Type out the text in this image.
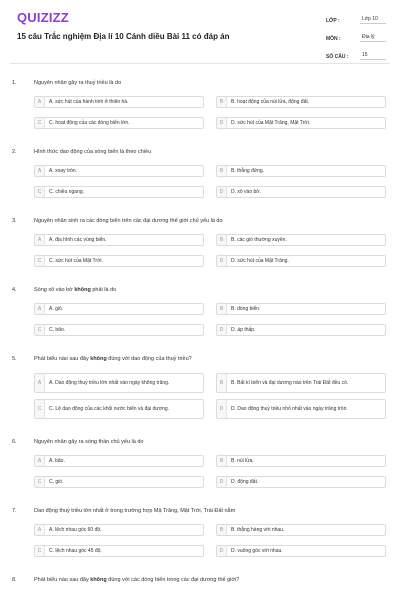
QUIZIZZ
15 câu Trắc nghiệm Địa lí 10 Cánh diều Bài 11 có đáp án
LỚP :	Lớp 10
MÔN :	Địa lý
SỐ CÂU :	15
1.	Nguyên nhân gây ra thuỷ triều là do
A	A. sức hút của hành tinh ở thiên hà.	B	B. hoạt động của núi lửa, động đất.
C	C. hoạt động của các dòng biển lớn.	D	D. sức hút của Mặt Trăng, Mặt Trời.
2.	Hình thức dao động của sóng biển là theo chiều
A	A. xoay tròn.	B	B. thẳng đứng.
C	C. chiều ngang.	D	D. xô vào bờ.
3.	Nguyên nhân sinh ra các dòng biển trên các đại dương thế giới chủ yếu là do
A	A. địa hình các vùng biển.	B	B. các gió thường xuyên.
C	C. sức hút của Mặt Trời.	D	D. sức hút của Mặt Trăng.
4.	Sóng xô vào bờ không phải là do
A	A. gió.	B	B. dòng biển.
C	C. bão.	D	D. áp thấp.
5.	Phát biểu nào sau đây không đúng với dao động của thuỷ triều?
A	A. Dao động thuỷ triều lớn nhất vào ngày không trăng.	B	B. Bất kì biển và đại dương nào trên Trái Đất đều có.
C	C. Lệ dao động của các khối nước biển và đại dương.	D	D. Dao động thuỷ triều nhỏ nhất vào ngày trăng tròn.
6.	Nguyên nhân gây ra sóng thần chủ yếu là do
A	A. bão.	B	B. núi lửa.
C	C. gió.	D	D. động đất.
7.	Dao động thuỷ triều lớn nhất ở trong trường hợp Mặ Trăng, Mặt Trời, Trái Đất nằm
A	A. lệch nhau góc 60 độ.	B	B. thẳng hàng với nhau.
C	C. lệch nhau góc 45 độ.	D	D. vuông góc với nhau.
8.	Phát biểu nào sau đây không đúng với các dòng biển trong các đại dương thế giới?
